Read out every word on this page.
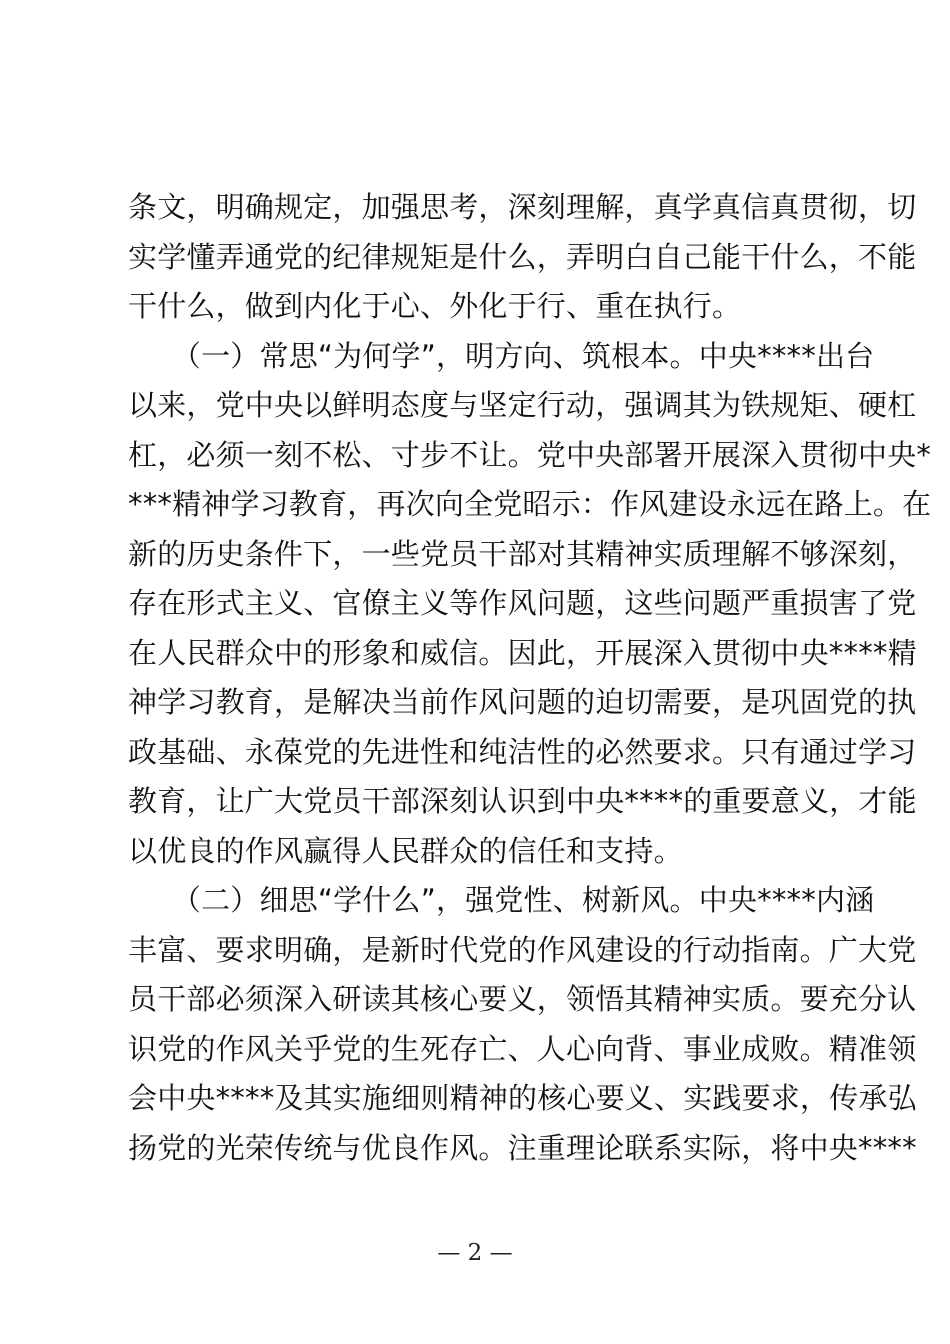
条文，明确规定，加强思考，深刻理解，真学真信真贯彻，切
实学懂弄通党的纪律规矩是什么，弄明白自己能干什么，不能
干什么，做到内化于心、外化于行、重在执行。
　　（一）常思“为何学”，明方向、筑根本。中央****出台
以来，党中央以鲜明态度与坚定行动，强调其为铁规矩、硬杠
杠，必须一刻不松、寸步不让。党中央部署开展深入贯彻中央*
***精神学习教育，再次向全党昭示：作风建设永远在路上。在
新的历史条件下，一些党员干部对其精神实质理解不够深刻，
存在形式主义、官僚主义等作风问题，这些问题严重损害了党
在人民群众中的形象和威信。因此，开展深入贯彻中央****精
神学习教育，是解决当前作风问题的迫切需要，是巩固党的执
政基础、永葆党的先进性和纯洁性的必然要求。只有通过学习
教育，让广大党员干部深刻认识到中央****的重要意义，才能
以优良的作风赢得人民群众的信任和支持。
　　（二）细思“学什么”，强党性、树新风。中央****内涵
丰富、要求明确，是新时代党的作风建设的行动指南。广大党
员干部必须深入研读其核心要义，领悟其精神实质。要充分认
识党的作风关乎党的生死存亡、人心向背、事业成败。精准领
会中央****及其实施细则精神的核心要义、实践要求，传承弘
扬党的光荣传统与优良作风。注重理论联系实际，将中央****
— 2 —
